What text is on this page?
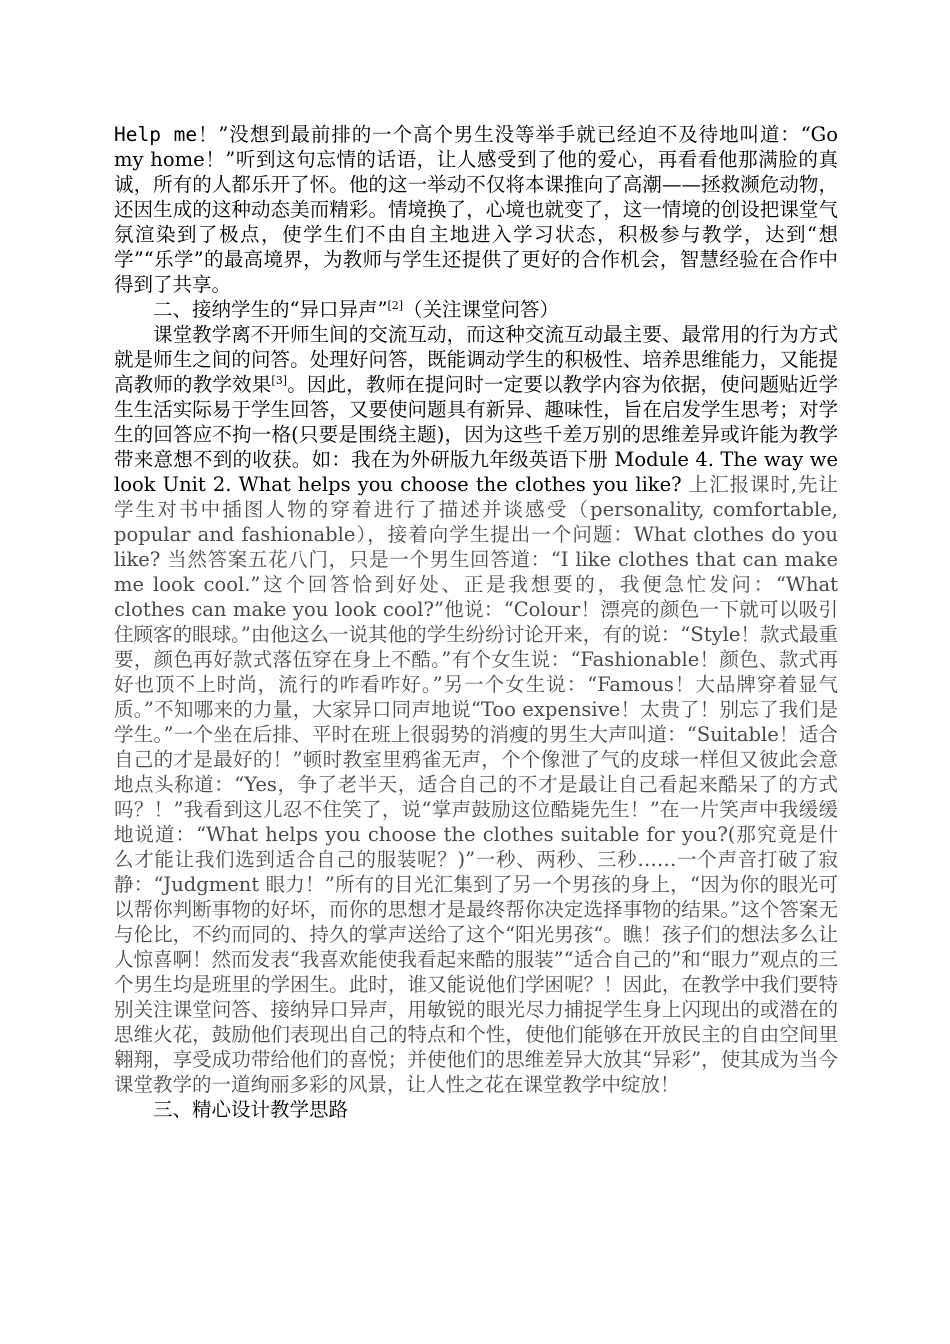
Help me！”没想到最前排的一个高个男生没等举手就已经迫不及待地叫道：“Go my home！”听到这句忘情的话语，让人感受到了他的爱心，再看看他那满脸的真诚，所有的人都乐开了怀。他的这一举动不仅将本课推向了高潮——拯救濒危动物，还因生成的这种动态美而精彩。情境换了，心境也就变了，这一情境的创设把课堂气氛渲染到了极点，使学生们不由自主地进入学习状态，积极参与教学，达到“想学”“乐学”的最高境界，为教师与学生还提供了更好的合作机会，智慧经验在合作中得到了共享。

二、接纳学生的“异口异声”[2]（关注课堂问答）

课堂教学离不开师生间的交流互动，而这种交流互动最主要、最常用的行为方式就是师生之间的问答。处理好问答，既能调动学生的积极性、培养思维能力，又能提高教师的教学效果[3]。因此，教师在提问时一定要以教学内容为依据，使问题贴近学生生活实际易于学生回答，又要使问题具有新异、趣味性，旨在启发学生思考；对学生的回答应不拘一格(只要是围绕主题)，因为这些千差万别的思维差异或许能为教学带来意想不到的收获。如：我在为外研版九年级英语下册 Module 4. The way we look Unit 2. What helps you choose the clothes you like? 上汇报课时,先让学生对书中插图人物的穿着进行了描述并谈感受（personality, comfortable, popular and fashionable），接着向学生提出一个问题：What clothes do you like? 当然答案五花八门，只是一个男生回答道：“I like clothes that can make me look cool.”这个回答恰到好处、正是我想要的，我便急忙发问：“What clothes can make you look cool?”他说：“Colour！漂亮的颜色一下就可以吸引住顾客的眼球。”由他这么一说其他的学生纷纷讨论开来，有的说：“Style！款式最重要，颜色再好款式落伍穿在身上不酷。”有个女生说：“Fashionable！颜色、款式再好也顶不上时尚，流行的咋看咋好。”另一个女生说：“Famous！大品牌穿着显气质。”不知哪来的力量，大家异口同声地说“Too expensive！太贵了！别忘了我们是学生。”一个坐在后排、平时在班上很弱势的消瘦的男生大声叫道：“Suitable！适合自己的才是最好的！”顿时教室里鸦雀无声，个个像泄了气的皮球一样但又彼此会意地点头称道：“Yes，争了老半天，适合自己的不才是最让自己看起来酷呆了的方式吗？！”我看到这儿忍不住笑了，说“掌声鼓励这位酷毙先生！”在一片笑声中我缓缓地说道：“What helps you choose the clothes suitable for you?(那究竟是什么才能让我们选到适合自己的服装呢？)”一秒、两秒、三秒……一个声音打破了寂静：“Judgment 眼力！”所有的目光汇集到了另一个男孩的身上，“因为你的眼光可以帮你判断事物的好坏，而你的思想才是最终帮你决定选择事物的结果。”这个答案无与伦比，不约而同的、持久的掌声送给了这个“阳光男孩“。瞧！孩子们的想法多么让人惊喜啊！然而发表“我喜欢能使我看起来酷的服装”“适合自己的”和“眼力”观点的三个男生均是班里的学困生。此时，谁又能说他们学困呢？！因此，在教学中我们要特别关注课堂问答、接纳异口异声，用敏锐的眼光尽力捕捉学生身上闪现出的或潜在的思维火花，鼓励他们表现出自己的特点和个性，使他们能够在开放民主的自由空间里翱翔，享受成功带给他们的喜悦；并使他们的思维差异大放其“异彩”，使其成为当今课堂教学的一道绚丽多彩的风景，让人性之花在课堂教学中绽放！

三、精心设计教学思路
